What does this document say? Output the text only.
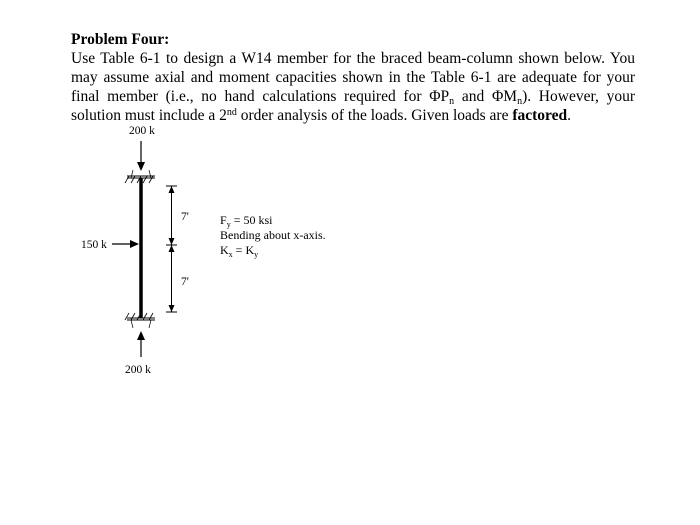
Problem Four:

Use Table 6-1 to design a W14 member for the braced beam-column shown below. You may assume axial and moment capacities shown in the Table 6-1 are adequate for your final member (i.e., no hand calculations required for $\Phi P_n$ and $\Phi M_n$). However, your solution must include a 2nd order analysis of the loads. Given loads are factored.

200 k
150 k
7'
7'
$F_y = 50$ ksi
Bending about x-axis.
$K_x = K_y$
200 k
